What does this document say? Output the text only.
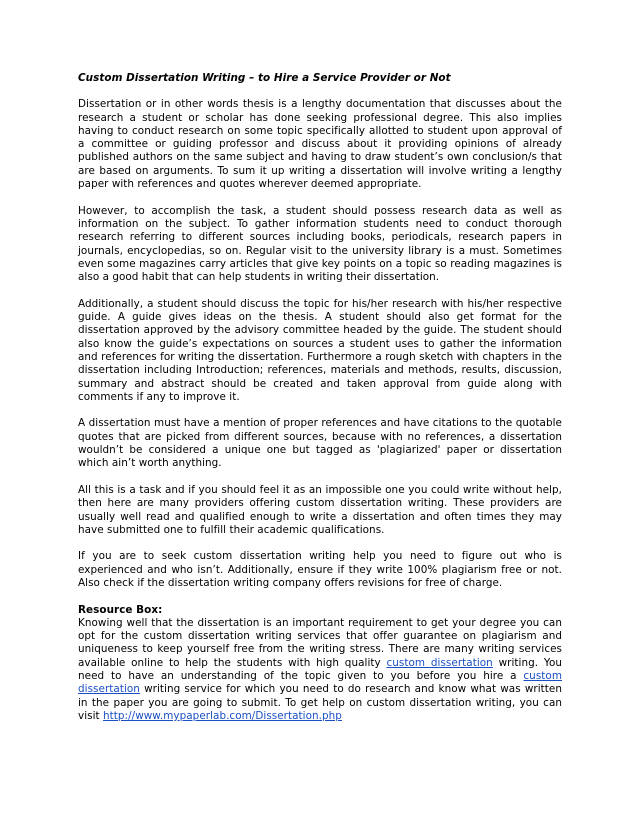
Custom Dissertation Writing – to Hire a Service Provider or Not

Dissertation or in other words thesis is a lengthy documentation that discusses about the research a student or scholar has done seeking professional degree. This also implies having to conduct research on some topic specifically allotted to student upon approval of a committee or guiding professor and discuss about it providing opinions of already published authors on the same subject and having to draw student’s own conclusion/s that are based on arguments. To sum it up writing a dissertation will involve writing a lengthy paper with references and quotes wherever deemed appropriate.

However, to accomplish the task, a student should possess research data as well as information on the subject. To gather information students need to conduct thorough research referring to different sources including books, periodicals, research papers in journals, encyclopedias, so on. Regular visit to the university library is a must. Sometimes even some magazines carry articles that give key points on a topic so reading magazines is also a good habit that can help students in writing their dissertation.

Additionally, a student should discuss the topic for his/her research with his/her respective guide. A guide gives ideas on the thesis. A student should also get format for the dissertation approved by the advisory committee headed by the guide. The student should also know the guide’s expectations on sources a student uses to gather the information and references for writing the dissertation. Furthermore a rough sketch with chapters in the dissertation including Introduction; references, materials and methods, results, discussion, summary and abstract should be created and taken approval from guide along with comments if any to improve it.

A dissertation must have a mention of proper references and have citations to the quotable quotes that are picked from different sources, because with no references, a dissertation wouldn’t be considered a unique one but tagged as 'plagiarized' paper or dissertation which ain’t worth anything.

All this is a task and if you should feel it as an impossible one you could write without help, then here are many providers offering custom dissertation writing. These providers are usually well read and qualified enough to write a dissertation and often times they may have submitted one to fulfill their academic qualifications.

If you are to seek custom dissertation writing help you need to figure out who is experienced and who isn’t. Additionally, ensure if they write 100% plagiarism free or not. Also check if the dissertation writing company offers revisions for free of charge.

Resource Box:
Knowing well that the dissertation is an important requirement to get your degree you can opt for the custom dissertation writing services that offer guarantee on plagiarism and uniqueness to keep yourself free from the writing stress. There are many writing services available online to help the students with high quality custom dissertation writing. You need to have an understanding of the topic given to you before you hire a custom dissertation writing service for which you need to do research and know what was written in the paper you are going to submit. To get help on custom dissertation writing, you can visit http://www.mypaperlab.com/Dissertation.php
